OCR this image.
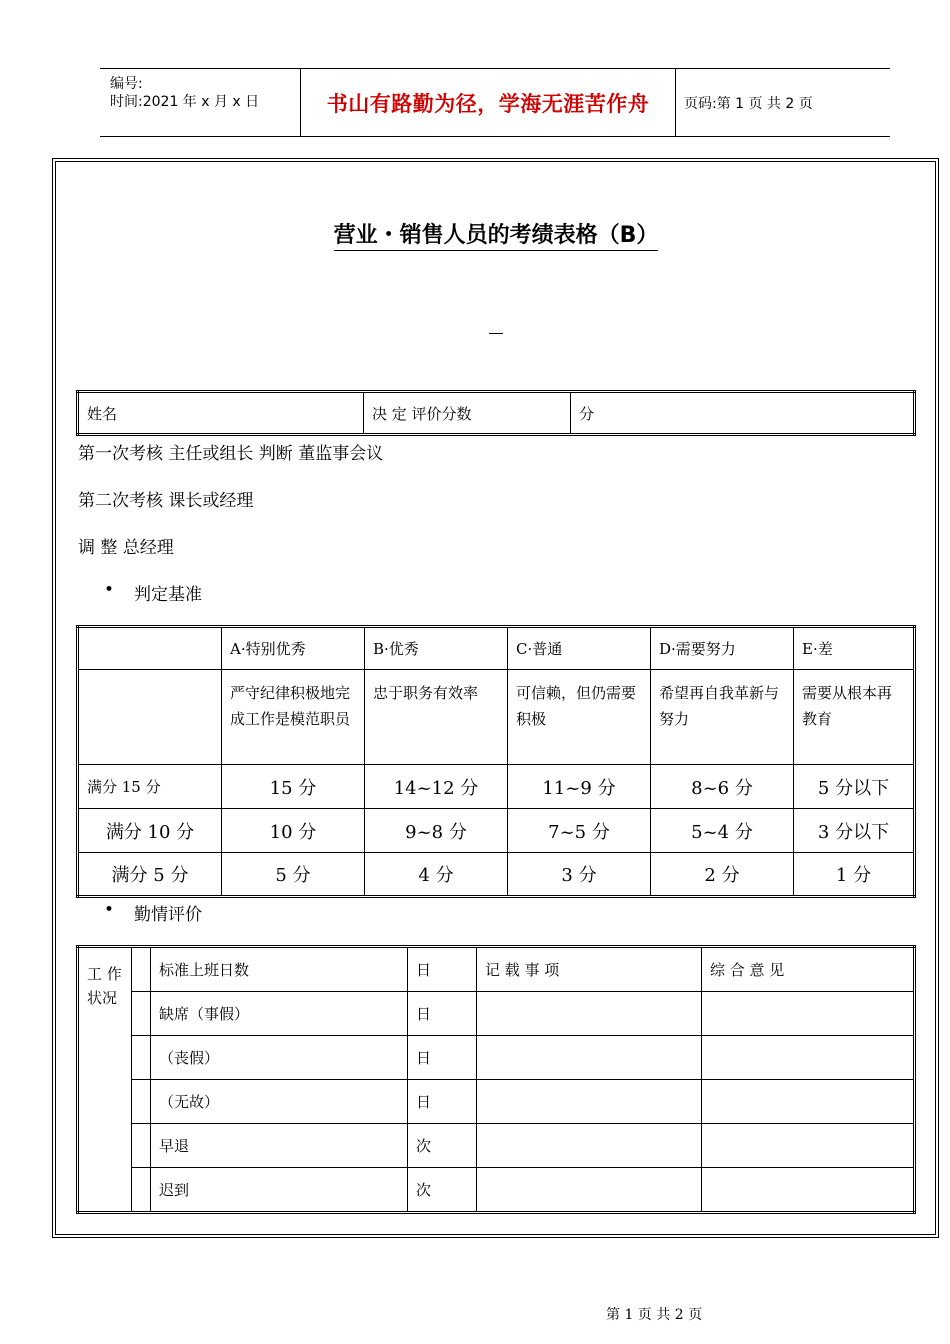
编号:
时间:2021 年 x 月 x 日	书山有路勤为径，学海无涯苦作舟 页码:第 1 页 共 2 页
营业・销售人员的考绩表格（B）
姓名	决 定 评价分数	分
第一次考核 主任或组长 判断 董监事会议
第二次考核 课长或经理
调 整 总经理
• 判定基准
	A·特别优秀	B·优秀	C·普通	D·需要努力	E·差
	严守纪律积极地完成工作是模范职员	忠于职务有效率	可信赖，但仍需要积极	希望再自我革新与努力	需要从根本再教育
满分 15 分	15 分	14~12 分	11~9 分	8~6 分	5 分以下
满分 10 分	10 分	9~8 分	7~5 分	5~4 分	3 分以下
满分 5 分	5 分	4 分	3 分	2 分	1 分
• 勤情评价
工 作
状况		标准上班日数	日	记 载 事 项	综 合 意 见
		缺席（事假）	日		
		（丧假）	日		
		（无故）	日		
		早退	次		
		迟到	次		
第 1 页 共 2 页
